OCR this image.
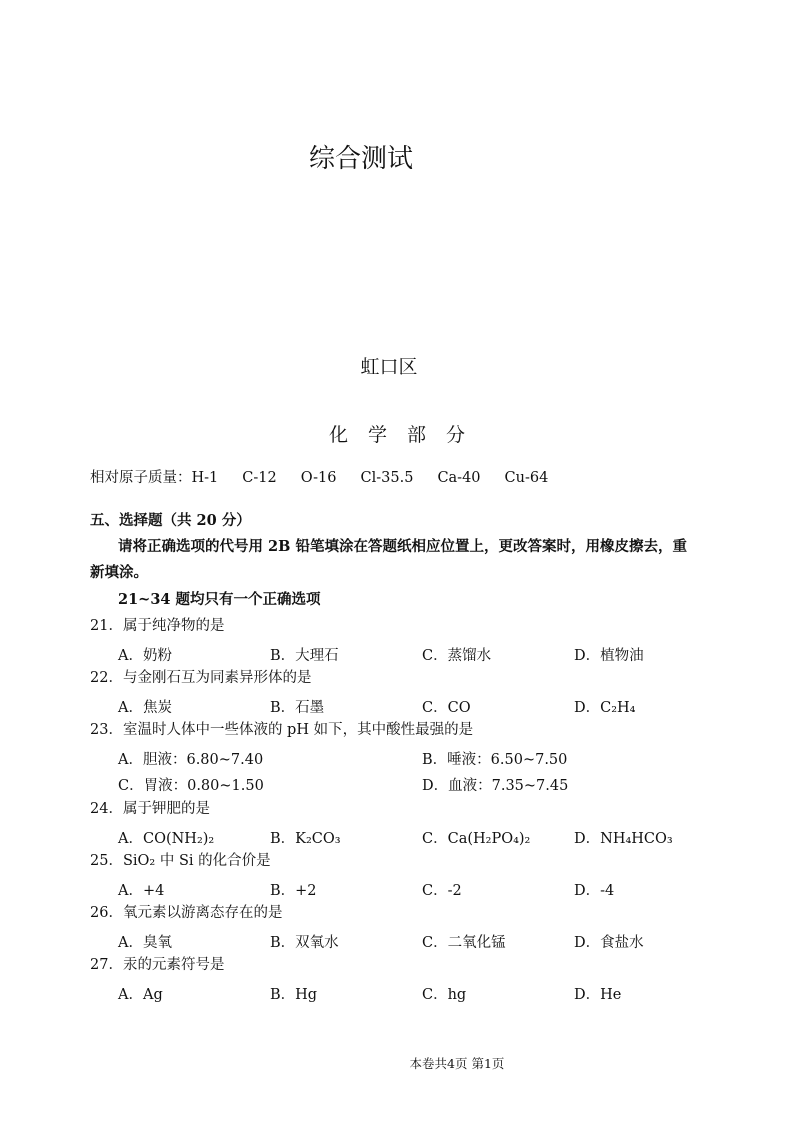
综合测试
虹口区
化学部分
相对原子质量：H-1 C-12 O-16 Cl-35.5 Ca-40 Cu-64
五、选择题（共 20 分）
请将正确选项的代号用 2B 铅笔填涂在答题纸相应位置上，更改答案时，用橡皮擦去，重
新填涂。
21~34 题均只有一个正确选项
21．属于纯净物的是
A．奶粉	B．大理石	C．蒸馏水	D．植物油
22．与金刚石互为同素异形体的是
A．焦炭	B．石墨	C．CO	D．C₂H₄
23．室温时人体中一些体液的 pH 如下，其中酸性最强的是
A．胆液：6.80~7.40	B．唾液：6.50~7.50
C．胃液：0.80~1.50	D．血液：7.35~7.45
24．属于钾肥的是
A．CO(NH₂)₂	B．K₂CO₃	C．Ca(H₂PO₄)₂	D．NH₄HCO₃
25．SiO₂ 中 Si 的化合价是
A．+4	B．+2	C．-2	D．-4
26．氧元素以游离态存在的是
A．臭氧	B．双氧水	C．二氧化锰	D．食盐水
27．汞的元素符号是
A．Ag	B．Hg	C．hg	D．He
本卷共4页 第1页
